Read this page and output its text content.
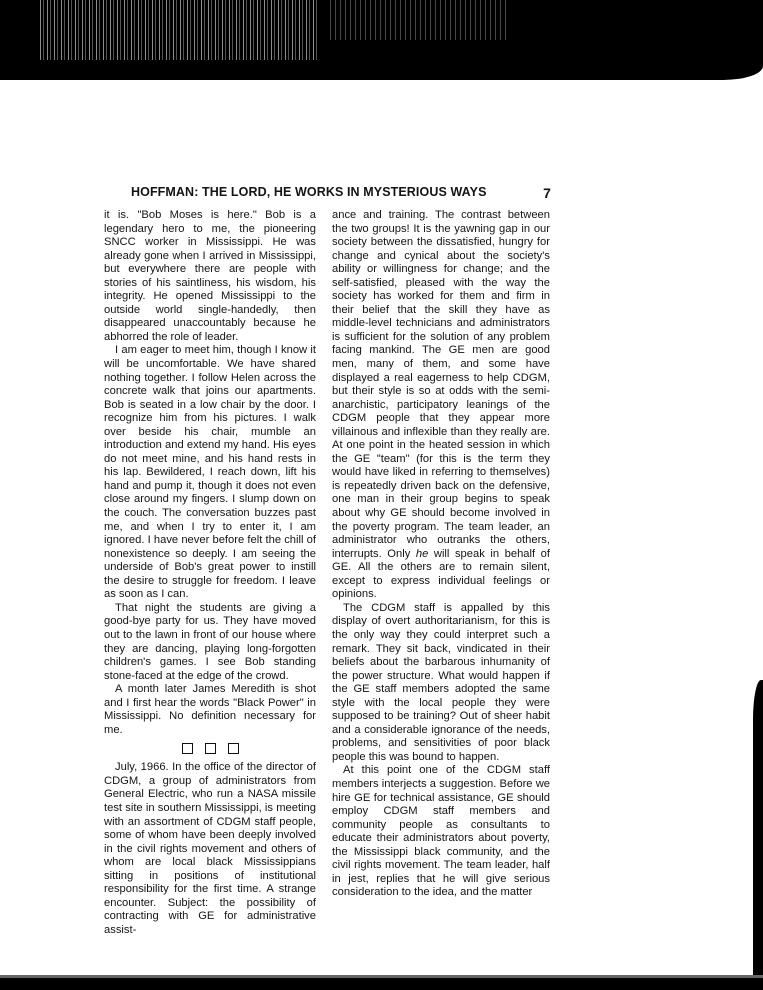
ɾ
HOFFMAN: THE LORD, HE WORKS IN MYSTERIOUS WAYS	7

it is. "Bob Moses is here." Bob is a legendary hero to me, the pioneering SNCC worker in Mississippi. He was already gone when I arrived in Mississippi, but everywhere there are people with stories of his saintliness, his wisdom, his integrity. He opened Mississippi to the outside world single-handedly, then disappeared unaccountably because he abhorred the role of leader.

I am eager to meet him, though I know it will be uncomfortable. We have shared nothing together. I follow Helen across the concrete walk that joins our apartments. Bob is seated in a low chair by the door. I recognize him from his pictures. I walk over beside his chair, mumble an introduction and extend my hand. His eyes do not meet mine, and his hand rests in his lap. Bewildered, I reach down, lift his hand and pump it, though it does not even close around my fingers. I slump down on the couch. The conversation buzzes past me, and when I try to enter it, I am ignored. I have never before felt the chill of nonexistence so deeply. I am seeing the underside of Bob's great power to instill the desire to struggle for freedom. I leave as soon as I can.

That night the students are giving a good-bye party for us. They have moved out to the lawn in front of our house where they are dancing, playing long-forgotten children's games. I see Bob standing stone-faced at the edge of the crowd.

A month later James Meredith is shot and I first hear the words "Black Power" in Mississippi. No definition necessary for me.

July, 1966. In the office of the director of CDGM, a group of administrators from General Electric, who run a NASA missile test site in southern Mississippi, is meeting with an assortment of CDGM staff people, some of whom have been deeply involved in the civil rights movement and others of whom are local black Mississippians sitting in positions of institutional responsibility for the first time. A strange encounter. Subject: the possibility of contracting with GE for administrative assist-

ance and training. The contrast between the two groups! It is the yawning gap in our society between the dissatisfied, hungry for change and cynical about the society's ability or willingness for change; and the self-satisfied, pleased with the way the society has worked for them and firm in their belief that the skill they have as middle-level technicians and administrators is sufficient for the solution of any problem facing mankind. The GE men are good men, many of them, and some have displayed a real eagerness to help CDGM, but their style is so at odds with the semi-anarchistic, participatory leanings of the CDGM people that they appear more villainous and inflexible than they really are. At one point in the heated session in which the GE "team" (for this is the term they would have liked in referring to themselves) is repeatedly driven back on the defensive, one man in their group begins to speak about why GE should become involved in the poverty program. The team leader, an administrator who outranks the others, interrupts. Only he will speak in behalf of GE. All the others are to remain silent, except to express individual feelings or opinions.

The CDGM staff is appalled by this display of overt authoritarianism, for this is the only way they could interpret such a remark. They sit back, vindicated in their beliefs about the barbarous inhumanity of the power structure. What would happen if the GE staff members adopted the same style with the local people they were supposed to be training? Out of sheer habit and a considerable ignorance of the needs, problems, and sensitivities of poor black people this was bound to happen.

At this point one of the CDGM staff members interjects a suggestion. Before we hire GE for technical assistance, GE should employ CDGM staff members and community people as consultants to educate their administrators about poverty, the Mississippi black community, and the civil rights movement. The team leader, half in jest, replies that he will give serious consideration to the idea, and the matter
